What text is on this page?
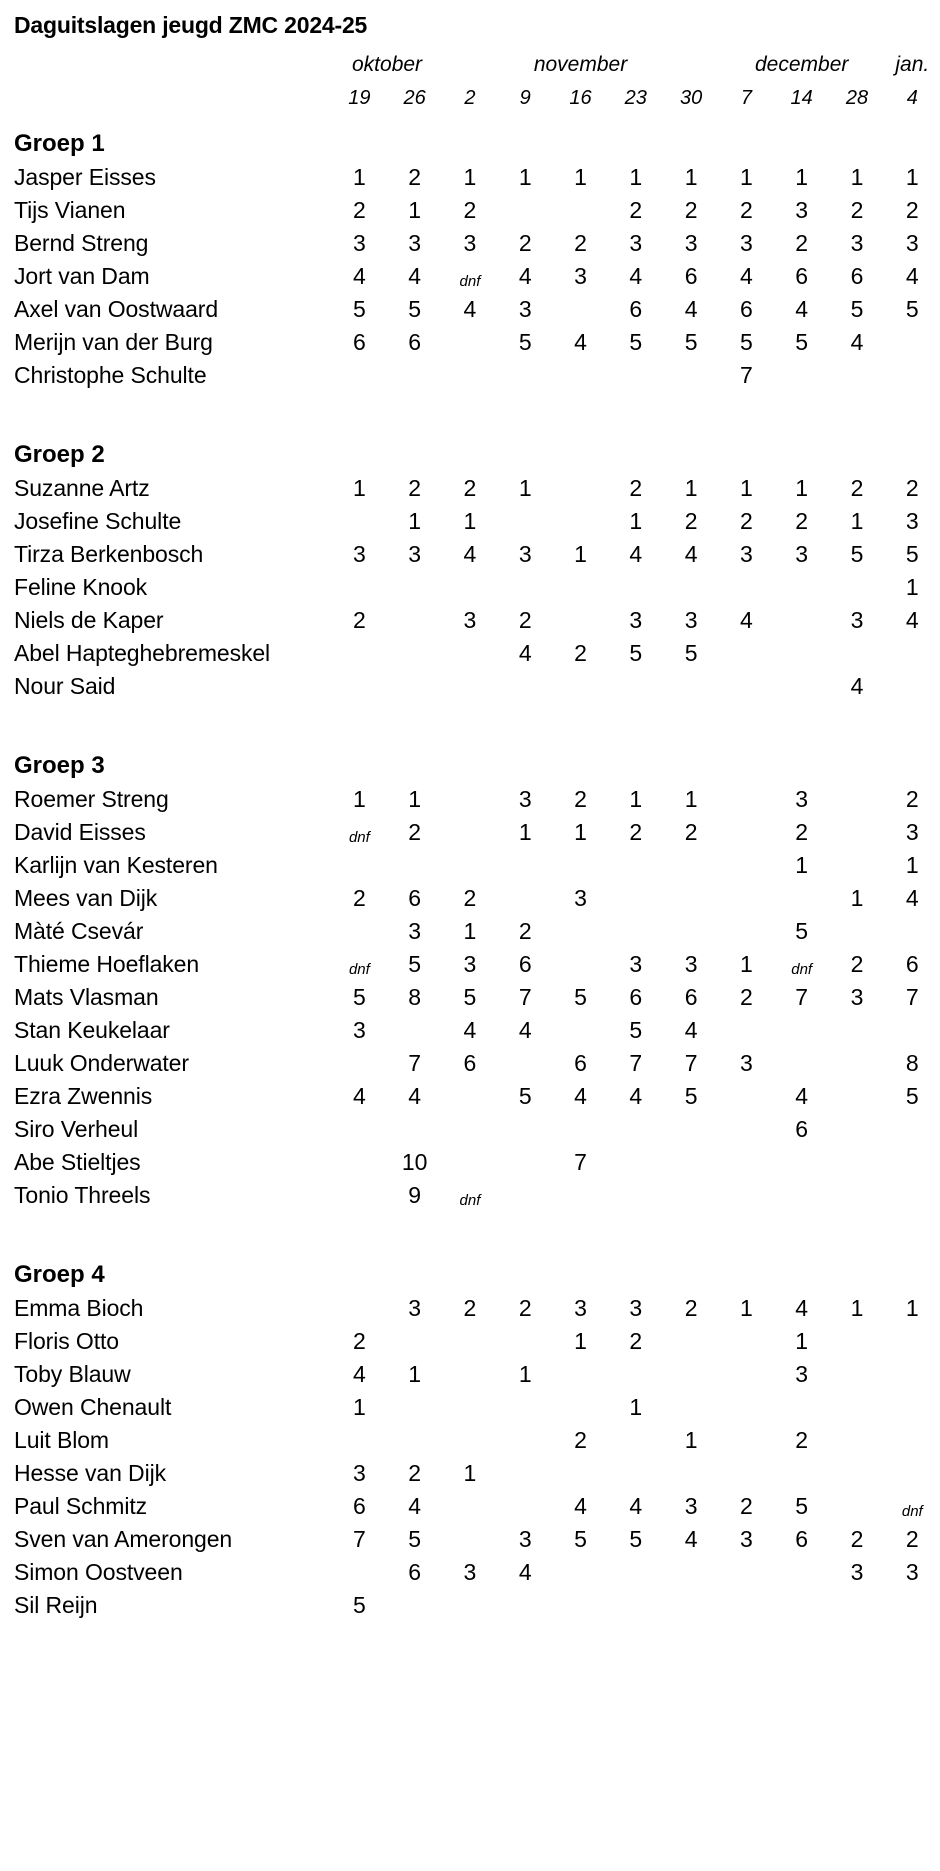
Daguitslagen jeugd ZMC 2024-25
	oktober		november					december			jan.
	19	26	2	9	16	23	30	7	14	28	4
Groep 1											
Jasper Eisses	1	2	1	1	1	1	1	1	1	1	1
Tijs Vianen	2	1	2			2	2	2	3	2	2
Bernd Streng	3	3	3	2	2	3	3	3	2	3	3
Jort van Dam	4	4	dnf	4	3	4	6	4	6	6	4
Axel van Oostwaard	5	5	4	3		6	4	6	4	5	5
Merijn van der Burg	6	6		5	4	5	5	5	5	4	
Christophe Schulte								7			

Groep 2											
Suzanne Artz	1	2	2	1		2	1	1	1	2	2
Josefine Schulte		1	1			1	2	2	2	1	3
Tirza Berkenbosch	3	3	4	3	1	4	4	3	3	5	5
Feline Knook											1
Niels de Kaper	2		3	2		3	3	4		3	4
Abel Hapteghebremeskel				4	2	5	5				
Nour Said										4	

Groep 3											
Roemer Streng	1	1		3	2	1	1		3		2
David Eisses	dnf	2		1	1	2	2		2		3
Karlijn van Kesteren									1		1
Mees van Dijk	2	6	2		3					1	4
Màté Csevár		3	1	2					5		
Thieme Hoeflaken	dnf	5	3	6		3	3	1	dnf	2	6
Mats Vlasman	5	8	5	7	5	6	6	2	7	3	7
Stan Keukelaar	3		4	4		5	4				
Luuk Onderwater		7	6		6	7	7	3			8
Ezra Zwennis	4	4		5	4	4	5		4		5
Siro Verheul									6		
Abe Stieltjes		10			7						
Tonio Threels		9	dnf								

Groep 4											
Emma Bioch		3	2	2	3	3	2	1	4	1	1
Floris Otto	2				1	2			1		
Toby Blauw	4	1		1					3		
Owen Chenault	1					1					
Luit Blom					2		1		2		
Hesse van Dijk	3	2	1								
Paul Schmitz	6	4			4	4	3	2	5		dnf
Sven van Amerongen	7	5		3	5	5	4	3	6	2	2
Simon Oostveen		6	3	4						3	3
Sil Reijn	5										
